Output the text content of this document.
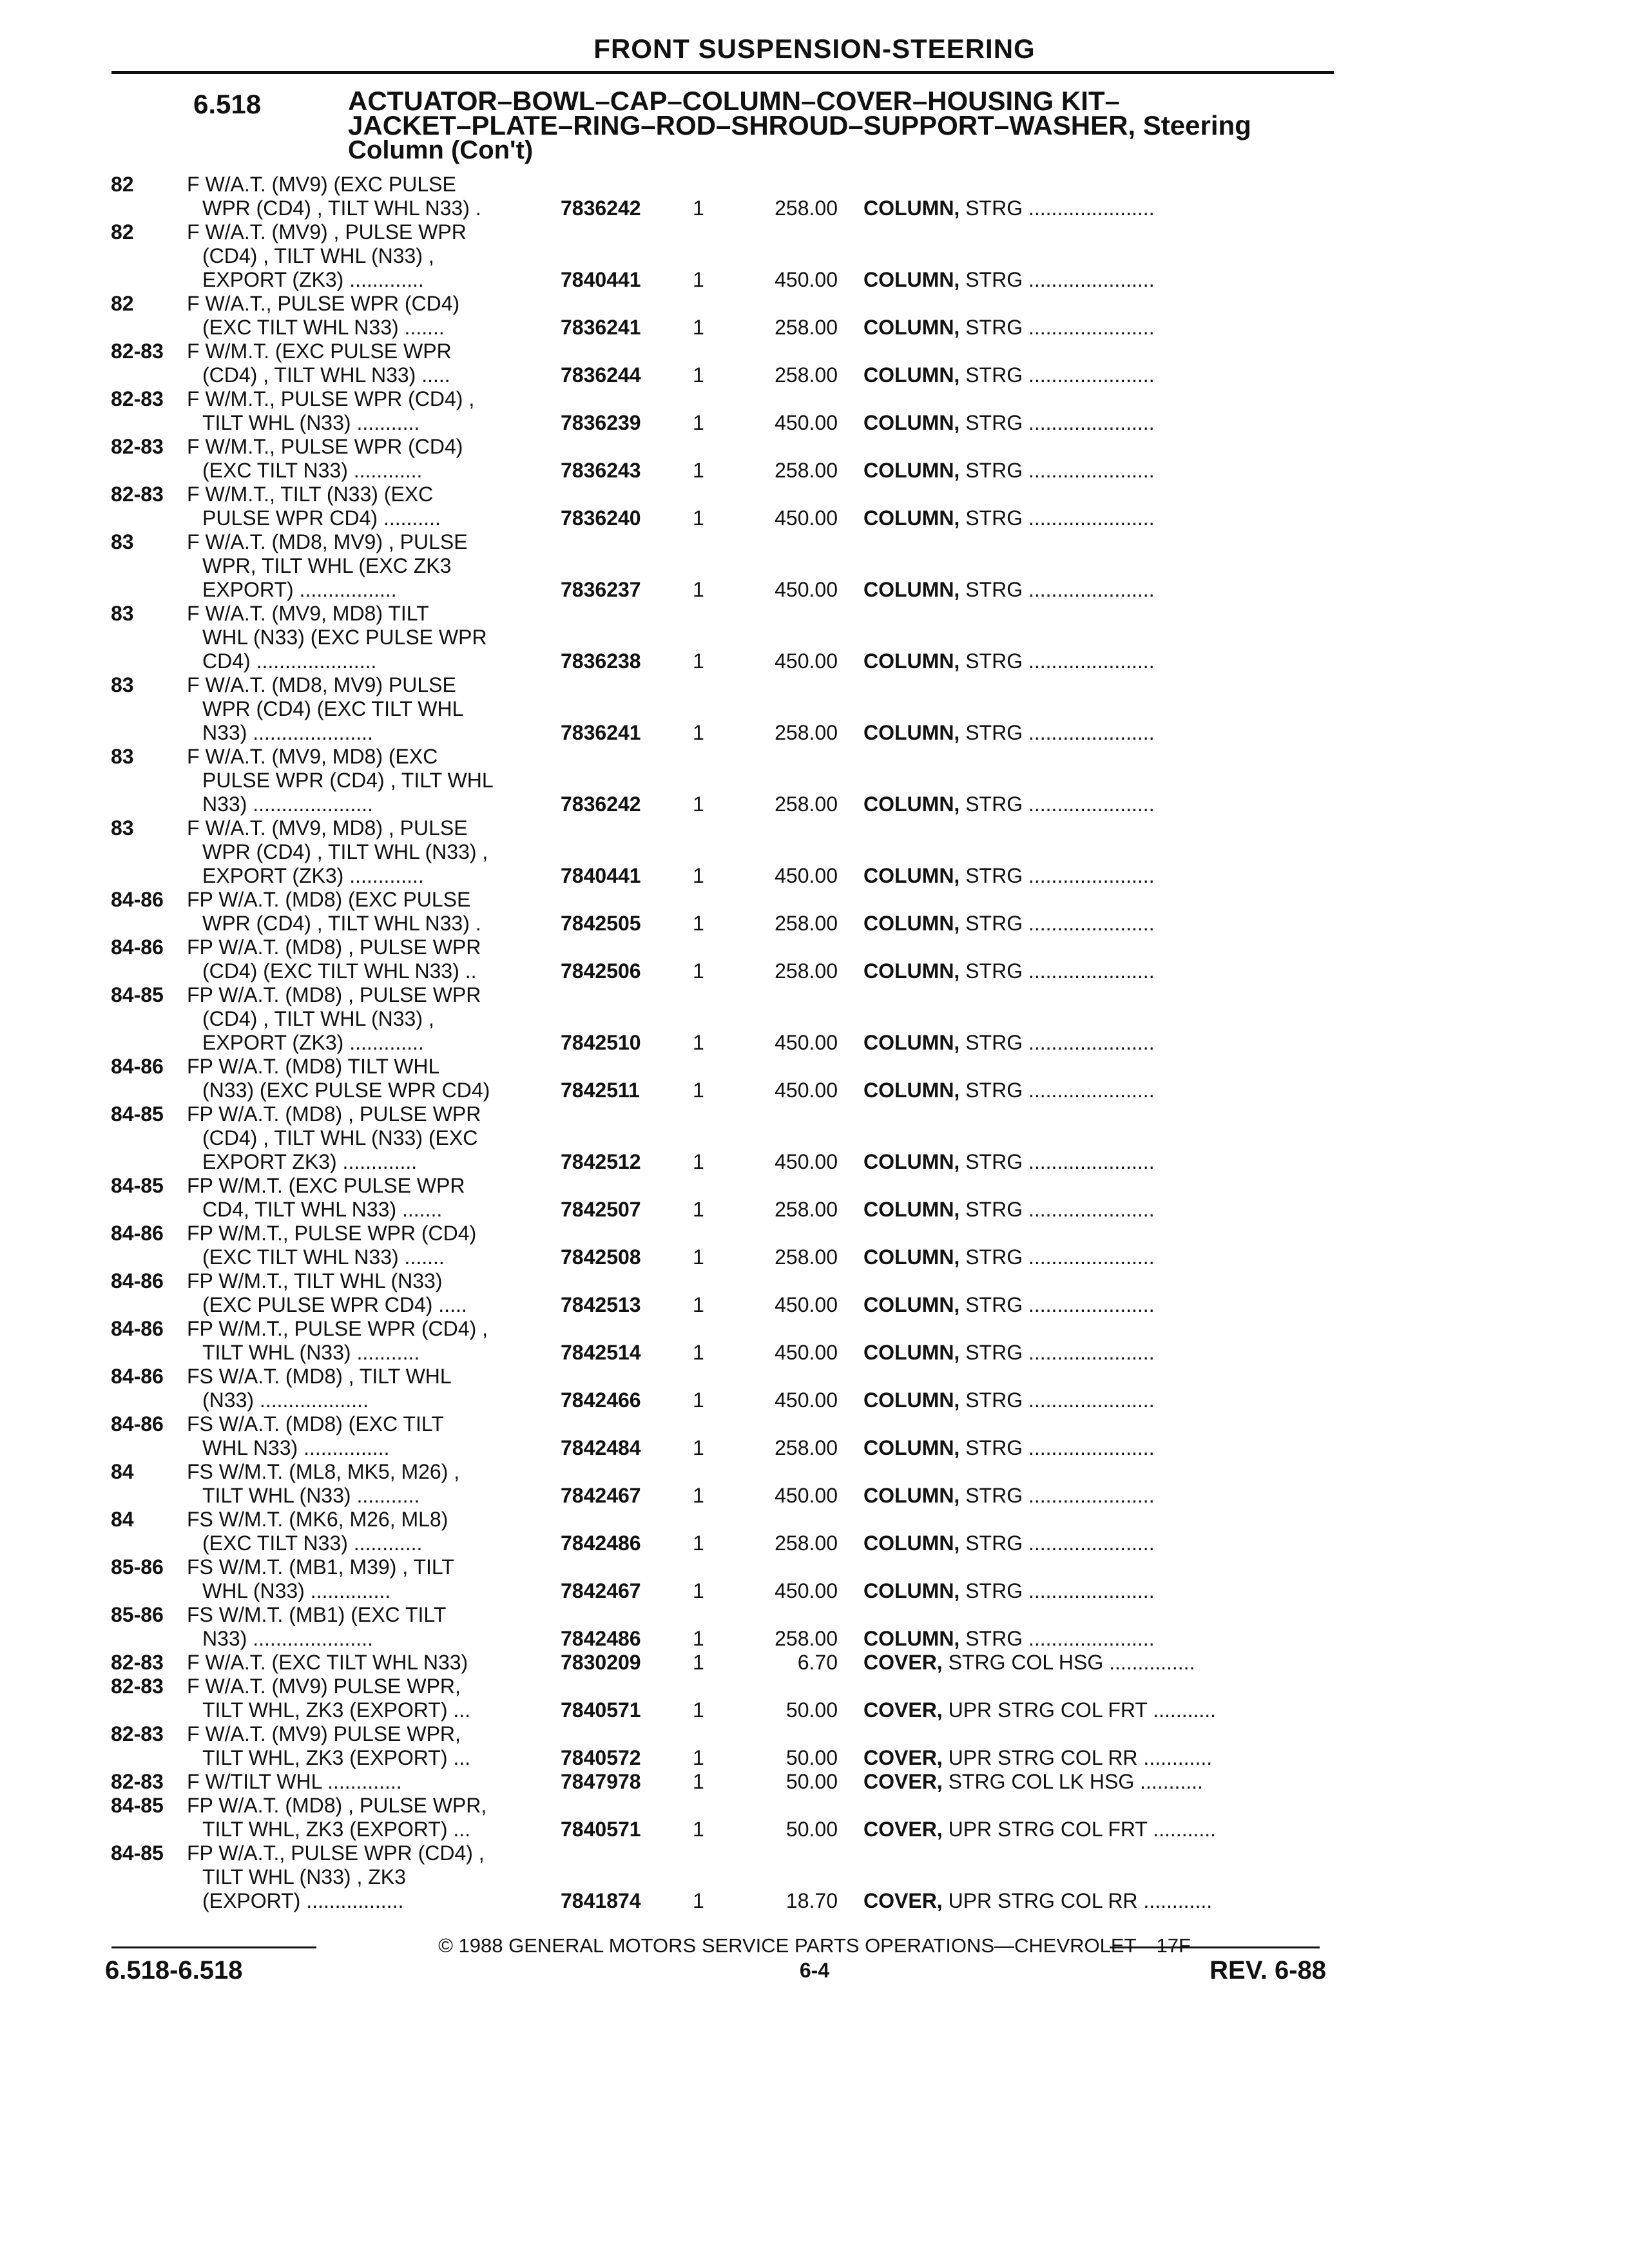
FRONT SUSPENSION-STEERING
6.518	ACTUATOR–BOWL–CAP–COLUMN–COVER–HOUSING KIT–
JACKET–PLATE–RING–ROD–SHROUD–SUPPORT–WASHER, Steering
Column (Con't)
82	F W/A.T. (MV9) (EXC PULSE
WPR (CD4) , TILT WHL N33) .	7836242	1	258.00 COLUMN, STRG ......................
82	F W/A.T. (MV9) , PULSE WPR
(CD4) , TILT WHL (N33) ,
EXPORT (ZK3) .............	7840441	1	450.00 COLUMN, STRG ......................
82	F W/A.T., PULSE WPR (CD4)
(EXC TILT WHL N33) .......	7836241	1	258.00 COLUMN, STRG ......................
82-83 F W/M.T. (EXC PULSE WPR
(CD4) , TILT WHL N33) .....	7836244	1	258.00 COLUMN, STRG ......................
82-83 F W/M.T., PULSE WPR (CD4) ,
TILT WHL (N33) ...........	7836239	1	450.00 COLUMN, STRG ......................
82-83 F W/M.T., PULSE WPR (CD4)
(EXC TILT N33) ............	7836243	1	258.00 COLUMN, STRG ......................
82-83 F W/M.T., TILT (N33) (EXC
PULSE WPR CD4) ..........	7836240	1	450.00 COLUMN, STRG ......................
83	F W/A.T. (MD8, MV9) , PULSE
WPR, TILT WHL (EXC ZK3
EXPORT) .................	7836237	1	450.00 COLUMN, STRG ......................
83	F W/A.T. (MV9, MD8) TILT
WHL (N33) (EXC PULSE WPR
CD4) .....................	7836238	1	450.00 COLUMN, STRG ......................
83	F W/A.T. (MD8, MV9) PULSE
WPR (CD4) (EXC TILT WHL
N33) .....................	7836241	1	258.00 COLUMN, STRG ......................
83	F W/A.T. (MV9, MD8) (EXC
PULSE WPR (CD4) , TILT WHL
N33) .....................	7836242	1	258.00 COLUMN, STRG ......................
83	F W/A.T. (MV9, MD8) , PULSE
WPR (CD4) , TILT WHL (N33) ,
EXPORT (ZK3) .............	7840441	1	450.00 COLUMN, STRG ......................
84-86 FP W/A.T. (MD8) (EXC PULSE
WPR (CD4) , TILT WHL N33) .	7842505	1	258.00 COLUMN, STRG ......................
84-86 FP W/A.T. (MD8) , PULSE WPR
(CD4) (EXC TILT WHL N33) ..	7842506	1	258.00 COLUMN, STRG ......................
84-85 FP W/A.T. (MD8) , PULSE WPR
(CD4) , TILT WHL (N33) ,
EXPORT (ZK3) .............	7842510	1	450.00 COLUMN, STRG ......................
84-86 FP W/A.T. (MD8) TILT WHL
(N33) (EXC PULSE WPR CD4)	7842511	1	450.00 COLUMN, STRG ......................
84-85 FP W/A.T. (MD8) , PULSE WPR
(CD4) , TILT WHL (N33) (EXC
EXPORT ZK3) .............	7842512	1	450.00 COLUMN, STRG ......................
84-85 FP W/M.T. (EXC PULSE WPR
CD4, TILT WHL N33) .......	7842507	1	258.00 COLUMN, STRG ......................
84-86 FP W/M.T., PULSE WPR (CD4)
(EXC TILT WHL N33) .......	7842508	1	258.00 COLUMN, STRG ......................
84-86 FP W/M.T., TILT WHL (N33)
(EXC PULSE WPR CD4) .....	7842513	1	450.00 COLUMN, STRG ......................
84-86 FP W/M.T., PULSE WPR (CD4) ,
TILT WHL (N33) ...........	7842514	1	450.00 COLUMN, STRG ......................
84-86 FS W/A.T. (MD8) , TILT WHL
(N33) ...................	7842466	1	450.00 COLUMN, STRG ......................
84-86 FS W/A.T. (MD8) (EXC TILT
WHL N33) ...............	7842484	1	258.00 COLUMN, STRG ......................
84	FS W/M.T. (ML8, MK5, M26) ,
TILT WHL (N33) ...........	7842467	1	450.00 COLUMN, STRG ......................
84	FS W/M.T. (MK6, M26, ML8)
(EXC TILT N33) ............	7842486	1	258.00 COLUMN, STRG ......................
85-86 FS W/M.T. (MB1, M39) , TILT
WHL (N33) ..............	7842467	1	450.00 COLUMN, STRG ......................
85-86 FS W/M.T. (MB1) (EXC TILT
N33) .....................	7842486	1	258.00 COLUMN, STRG ......................
82-83 F W/A.T. (EXC TILT WHL N33)	7830209	1	6.70 COVER, STRG COL HSG ...............
82-83 F W/A.T. (MV9) PULSE WPR,
TILT WHL, ZK3 (EXPORT) ...	7840571	1	50.00 COVER, UPR STRG COL FRT ...........
82-83 F W/A.T. (MV9) PULSE WPR,
TILT WHL, ZK3 (EXPORT) ...	7840572	1	50.00 COVER, UPR STRG COL RR ............
82-83 F W/TILT WHL .............	7847978	1	50.00 COVER, STRG COL LK HSG ...........
84-85 FP W/A.T. (MD8) , PULSE WPR,
TILT WHL, ZK3 (EXPORT) ...	7840571	1	50.00 COVER, UPR STRG COL FRT ...........
84-85 FP W/A.T., PULSE WPR (CD4) ,
TILT WHL (N33) , ZK3
(EXPORT) .................	7841874	1	18.70 COVER, UPR STRG COL RR ............
© 1988 GENERAL MOTORS SERVICE PARTS OPERATIONS—CHEVROLET—17F
6.518-6.518	6-4	REV. 6-88
